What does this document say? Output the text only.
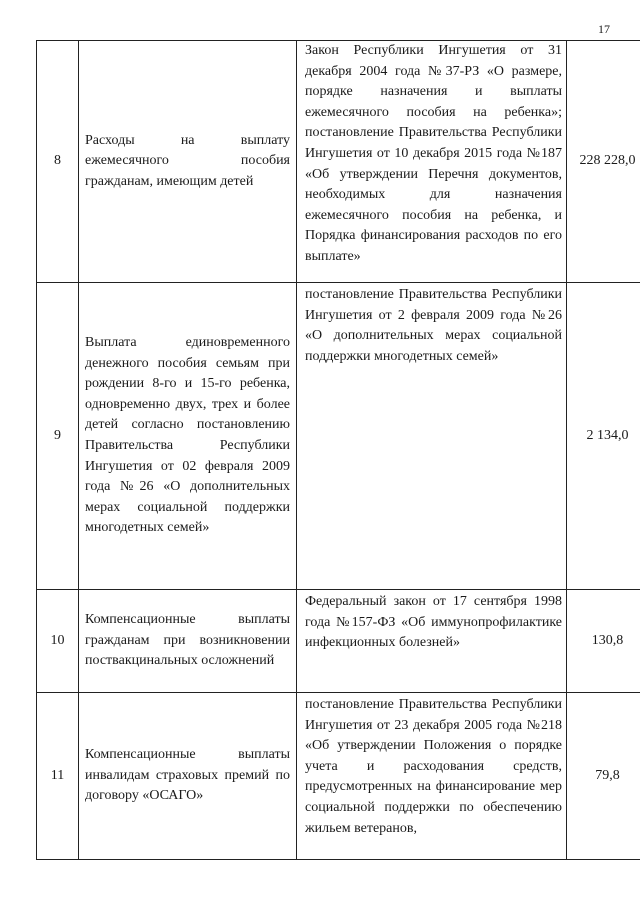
17
8	Расходы на выплату ежемесячного пособия гражданам, имеющим детей	Закон Республики Ингушетия от 31 декабря 2004 года №37-РЗ «О размере, порядке назначения и выплаты ежемесячного пособия на ребенка»; постановление Правительства Республики Ингушетия от 10 декабря 2015 года №187 «Об утверждении Перечня документов, необходимых для назначения ежемесячного пособия на ребенка, и Порядка финансирования расходов по его выплате»	228 228,0
9	Выплата единовременного денежного пособия семьям при рождении 8-го и 15-го ребенка, одновременно двух, трех и более детей согласно постановлению Правительства Республики Ингушетия от 02 февраля 2009 года №26 «О дополнительных мерах социальной поддержки многодетных семей»	постановление Правительства Республики Ингушетия от 2 февраля 2009 года №26 «О дополнительных мерах социальной поддержки многодетных семей»	2 134,0
10	Компенсационные выплаты гражданам при возникновении поствакцинальных осложнений	Федеральный закон от 17 сентября 1998 года №157-ФЗ «Об иммунопрофилактике инфекционных болезней»	130,8
11	Компенсационные выплаты инвалидам страховых премий по договору «ОСАГО»	постановление Правительства Республики Ингушетия от 23 декабря 2005 года №218 «Об утверждении Положения о порядке учета и расходования средств, предусмотренных на финансирование мер социальной поддержки по обеспечению жильем ветеранов,	79,8
